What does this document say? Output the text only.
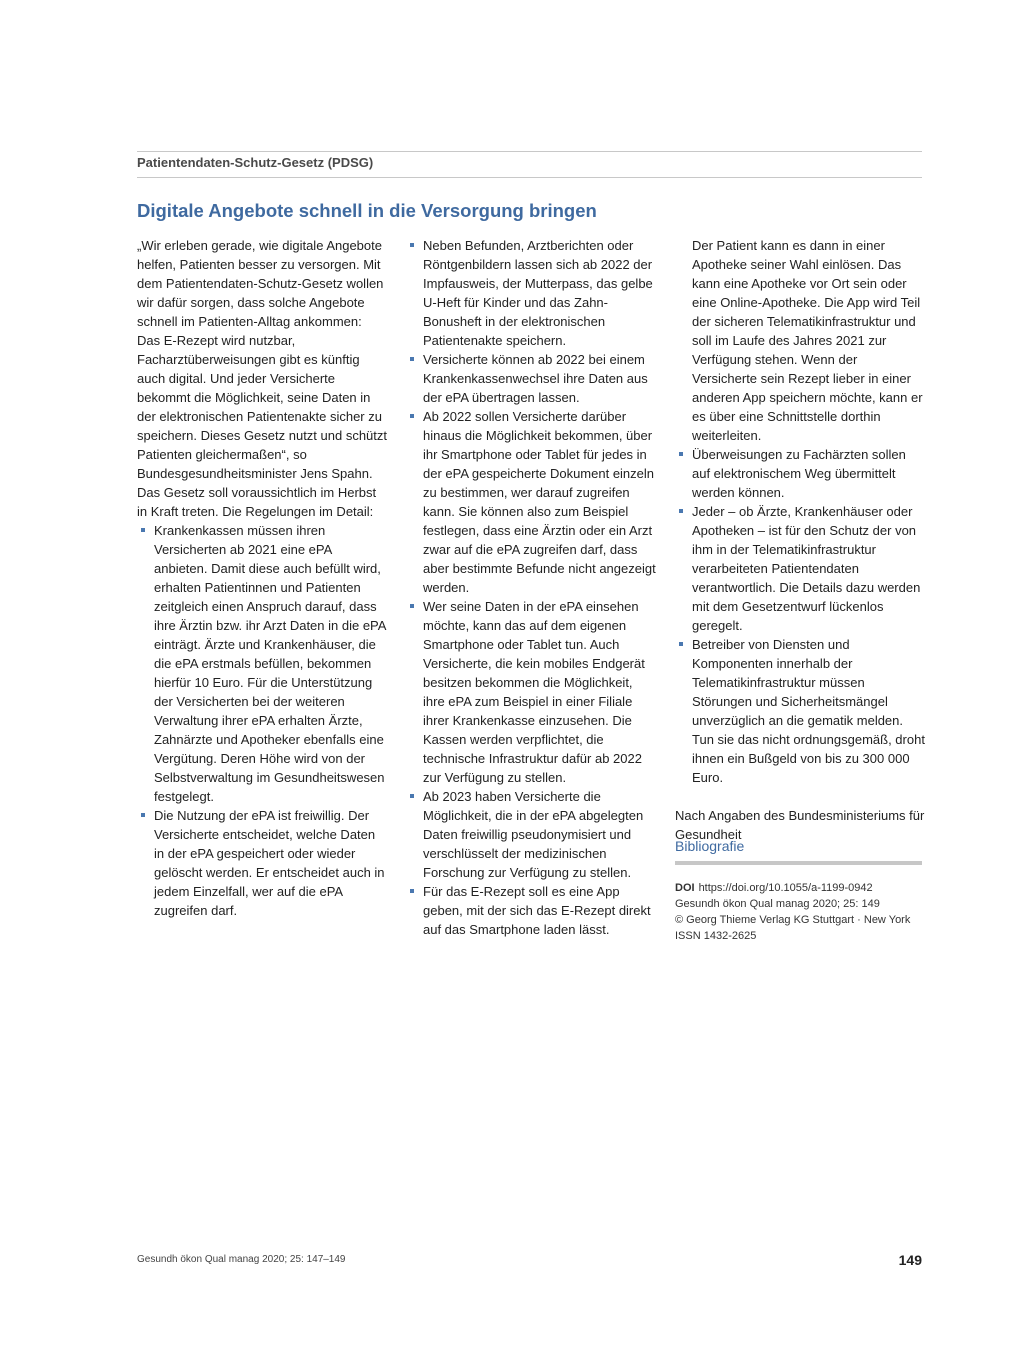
Patientendaten-Schutz-Gesetz (PDSG)
Digitale Angebote schnell in die Versorgung bringen

„Wir erleben gerade, wie digitale Angebote helfen, Patienten besser zu versorgen. Mit dem Patientendaten-Schutz-Gesetz wollen wir dafür sorgen, dass solche Angebote schnell im Patienten-Alltag ankommen: Das E-Rezept wird nutzbar, Facharztüberweisungen gibt es künftig auch digital. Und jeder Versicherte bekommt die Möglichkeit, seine Daten in der elektronischen Patientenakte sicher zu speichern. Dieses Gesetz nutzt und schützt Patienten gleichermaßen“, so Bundesgesundheitsminister Jens Spahn. Das Gesetz soll voraussichtlich im Herbst in Kraft treten. Die Regelungen im Detail:

Krankenkassen müssen ihren Versicherten ab 2021 eine ePA anbieten. Damit diese auch befüllt wird, erhalten Patientinnen und Patienten zeitgleich einen Anspruch darauf, dass ihre Ärztin bzw. ihr Arzt Daten in die ePA einträgt. Ärzte und Krankenhäuser, die die ePA erstmals befüllen, bekommen hierfür 10 Euro. Für die Unterstützung der Versicherten bei der weiteren Verwaltung ihrer ePA erhalten Ärzte, Zahnärzte und Apotheker ebenfalls eine Vergütung. Deren Höhe wird von der Selbstverwaltung im Gesundheitswesen festgelegt.
Die Nutzung der ePA ist freiwillig. Der Versicherte entscheidet, welche Daten in der ePA gespeichert oder wieder gelöscht werden. Er entscheidet auch in jedem Einzelfall, wer auf die ePA zugreifen darf.
Neben Befunden, Arztberichten oder Röntgenbildern lassen sich ab 2022 der Impfausweis, der Mutterpass, das gelbe U-Heft für Kinder und das Zahn-Bonusheft in der elektronischen Patientenakte speichern.
Versicherte können ab 2022 bei einem Krankenkassenwechsel ihre Daten aus der ePA übertragen lassen.
Ab 2022 sollen Versicherte darüber hinaus die Möglichkeit bekommen, über ihr Smartphone oder Tablet für jedes in der ePA gespeicherte Dokument einzeln zu bestimmen, wer darauf zugreifen kann. Sie können also zum Beispiel festlegen, dass eine Ärztin oder ein Arzt zwar auf die ePA zugreifen darf, dass aber bestimmte Befunde nicht angezeigt werden.
Wer seine Daten in der ePA einsehen möchte, kann das auf dem eigenen Smartphone oder Tablet tun. Auch Versicherte, die kein mobiles Endgerät besitzen bekommen die Möglichkeit, ihre ePA zum Beispiel in einer Filiale ihrer Krankenkasse einzusehen. Die Kassen werden verpflichtet, die technische Infrastruktur dafür ab 2022 zur Verfügung zu stellen.
Ab 2023 haben Versicherte die Möglichkeit, die in der ePA abgelegten Daten freiwillig pseudonymisiert und verschlüsselt der medizinischen Forschung zur Verfügung zu stellen.
Für das E-Rezept soll es eine App geben, mit der sich das E-Rezept direkt auf das Smartphone laden lässt.

Der Patient kann es dann in einer Apotheke seiner Wahl einlösen. Das kann eine Apotheke vor Ort sein oder eine Online-Apotheke. Die App wird Teil der sicheren Telematikinfrastruktur und soll im Laufe des Jahres 2021 zur Verfügung stehen. Wenn der Versicherte sein Rezept lieber in einer anderen App speichern möchte, kann er es über eine Schnittstelle dorthin weiterleiten.

Überweisungen zu Fachärzten sollen auf elektronischem Weg übermittelt werden können.
Jeder – ob Ärzte, Krankenhäuser oder Apotheken – ist für den Schutz der von ihm in der Telematikinfrastruktur verarbeiteten Patientendaten verantwortlich. Die Details dazu werden mit dem Gesetzentwurf lückenlos geregelt.
Betreiber von Diensten und Komponenten innerhalb der Telematikinfrastruktur müssen Störungen und Sicherheitsmängel unverzüglich an die gematik melden. Tun sie das nicht ordnungsgemäß, droht ihnen ein Bußgeld von bis zu 300 000 Euro.

Nach Angaben des Bundesministeriums für Gesundheit

Bibliografie
DOI https://doi.org/10.1055/a-1199-0942
Gesundh ökon Qual manag 2020; 25: 149
© Georg Thieme Verlag KG Stuttgart · New York
ISSN 1432-2625
Gesundh ökon Qual manag 2020; 25: 147–149	149
